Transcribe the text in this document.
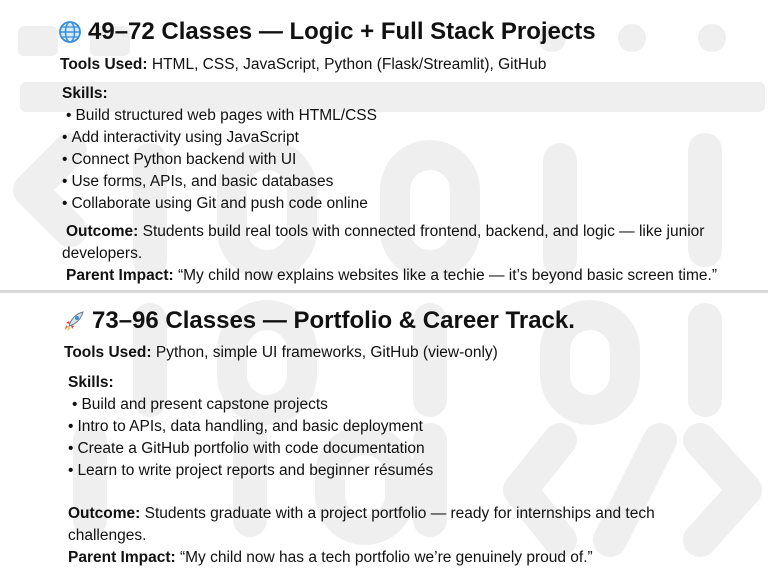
49–72 Classes — Logic + Full Stack Projects
Tools Used: HTML, CSS, JavaScript, Python (Flask/Streamlit), GitHub
Skills:
• Build structured web pages with HTML/CSS
• Add interactivity using JavaScript
• Connect Python backend with UI
• Use forms, APIs, and basic databases
• Collaborate using Git and push code online
Outcome: Students build real tools with connected frontend, backend, and logic — like junior
developers.
Parent Impact: “My child now explains websites like a techie — it’s beyond basic screen time.”
73–96 Classes — Portfolio & Career Track.
Tools Used: Python, simple UI frameworks, GitHub (view-only)
Skills:
• Build and present capstone projects
• Intro to APIs, data handling, and basic deployment
• Create a GitHub portfolio with code documentation
• Learn to write project reports and beginner résumés
Outcome: Students graduate with a project portfolio — ready for internships and tech
challenges.
Parent Impact: “My child now has a tech portfolio we’re genuinely proud of.”
